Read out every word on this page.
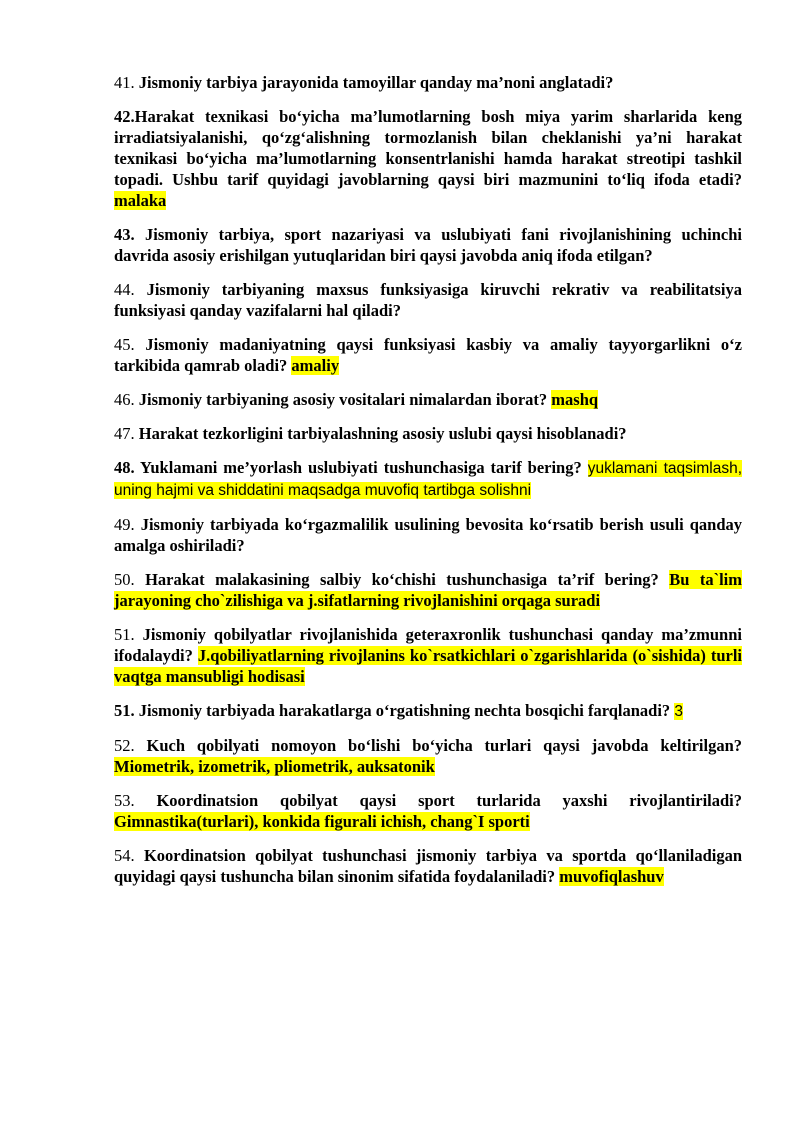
41. Jismoniy tarbiya jarayonida tamoyillar qanday ma’noni anglatadi?

42.Harakat texnikasi bo‘yicha ma’lumotlarning bosh miya yarim sharlarida keng irradiatsiyalanishi, qo‘zg‘alishning tormozlanish bilan cheklanishi ya’ni harakat texnikasi bo‘yicha ma’lumotlarning konsentrlanishi hamda harakat streotipi tashkil topadi. Ushbu tarif quyidagi javoblarning qaysi biri mazmunini to‘liq ifoda etadi? malaka

43. Jismoniy tarbiya, sport nazariyasi va uslubiyati fani rivojlanishining uchinchi davrida asosiy erishilgan yutuqlaridan biri qaysi javobda aniq ifoda etilgan?

44. Jismoniy tarbiyaning maxsus funksiyasiga kiruvchi rekrativ va reabilitatsiya funksiyasi qanday vazifalarni hal qiladi?

45. Jismoniy madaniyatning qaysi funksiyasi kasbiy va amaliy tayyorgarlikni o‘z tarkibida qamrab oladi? amaliy

46. Jismoniy tarbiyaning asosiy vositalari nimalardan iborat? mashq

47. Harakat tezkorligini tarbiyalashning asosiy uslubi qaysi hisoblanadi?

48. Yuklamani me’yorlash uslubiyati tushunchasiga tarif bering? yuklamani taqsimlash, uning hajmi va shiddatini maqsadga muvofiq tartibga solishni

49. Jismoniy tarbiyada ko‘rgazmalilik usulining bevosita ko‘rsatib berish usuli qanday amalga oshiriladi?

50. Harakat malakasining salbiy ko‘chishi tushunchasiga ta’rif bering? Bu ta`lim jarayoning cho`zilishiga va j.sifatlarning rivojlanishini orqaga suradi

51. Jismoniy qobilyatlar rivojlanishida geteraxronlik tushunchasi qanday ma’zmunni ifodalaydi? J.qobiliyatlarning rivojlanins ko`rsatkichlari o`zgarishlarida (o`sishida) turli vaqtga mansubligi hodisasi

51. Jismoniy tarbiyada harakatlarga o‘rgatishning nechta bosqichi farqlanadi? 3

52. Kuch qobilyati nomoyon bo‘lishi bo‘yicha turlari qaysi javobda keltirilgan? Miometrik, izometrik, pliometrik, auksatonik

53. Koordinatsion qobilyat qaysi sport turlarida yaxshi rivojlantiriladi? Gimnastika(turlari), konkida figurali ichish, chang`I sporti

54. Koordinatsion qobilyat tushunchasi jismoniy tarbiya va sportda qo‘llaniladigan quyidagi qaysi tushuncha bilan sinonim sifatida foydalaniladi? muvofiqlashuv
